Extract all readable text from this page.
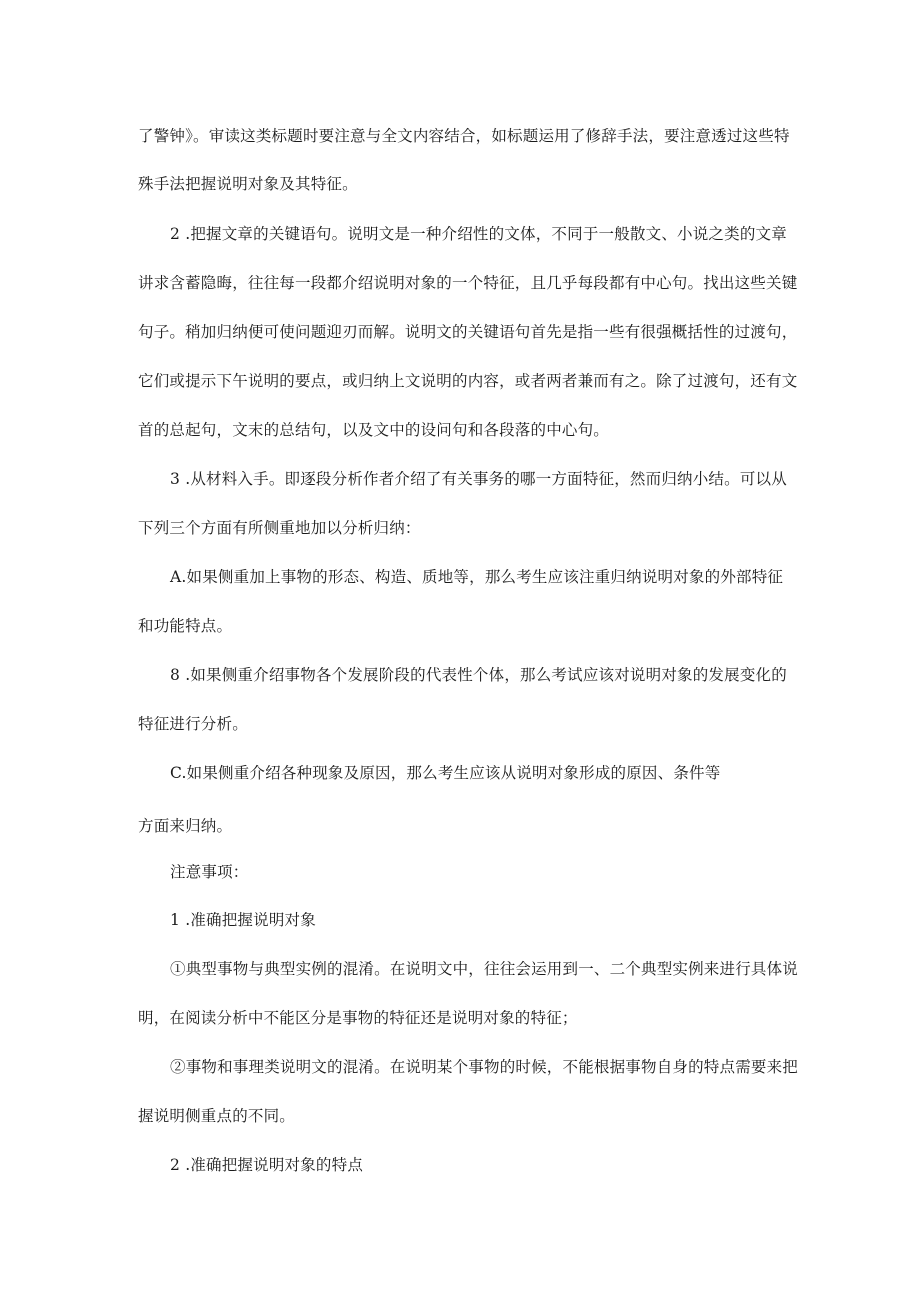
了警钟》。审读这类标题时要注意与全文内容结合，如标题运用了修辞手法，要注意透过这些特
殊手法把握说明对象及其特征。
2 .把握文章的关键语句。说明文是一种介绍性的文体，不同于一般散文、小说之类的文章
讲求含蓄隐晦，往往每一段都介绍说明对象的一个特征，且几乎每段都有中心句。找出这些关键
句子。稍加归纳便可使问题迎刃而解。说明文的关键语句首先是指一些有很强概括性的过渡句，
它们或提示下午说明的要点，或归纳上文说明的内容，或者两者兼而有之。除了过渡句，还有文
首的总起句，文末的总结句，以及文中的设问句和各段落的中心句。
3 .从材料入手。即逐段分析作者介绍了有关事务的哪一方面特征，然而归纳小结。可以从
下列三个方面有所侧重地加以分析归纳：
A.如果侧重加上事物的形态、构造、质地等，那么考生应该注重归纳说明对象的外部特征
和功能特点。
8 .如果侧重介绍事物各个发展阶段的代表性个体，那么考试应该对说明对象的发展变化的
特征进行分析。
C.如果侧重介绍各种现象及原因，那么考生应该从说明对象形成的原因、条件等
方面来归纳。
注意事项：
1 .准确把握说明对象
①典型事物与典型实例的混淆。在说明文中，往往会运用到一、二个典型实例来进行具体说
明，在阅读分析中不能区分是事物的特征还是说明对象的特征；
②事物和事理类说明文的混淆。在说明某个事物的时候，不能根据事物自身的特点需要来把
握说明侧重点的不同。
2 .准确把握说明对象的特点
